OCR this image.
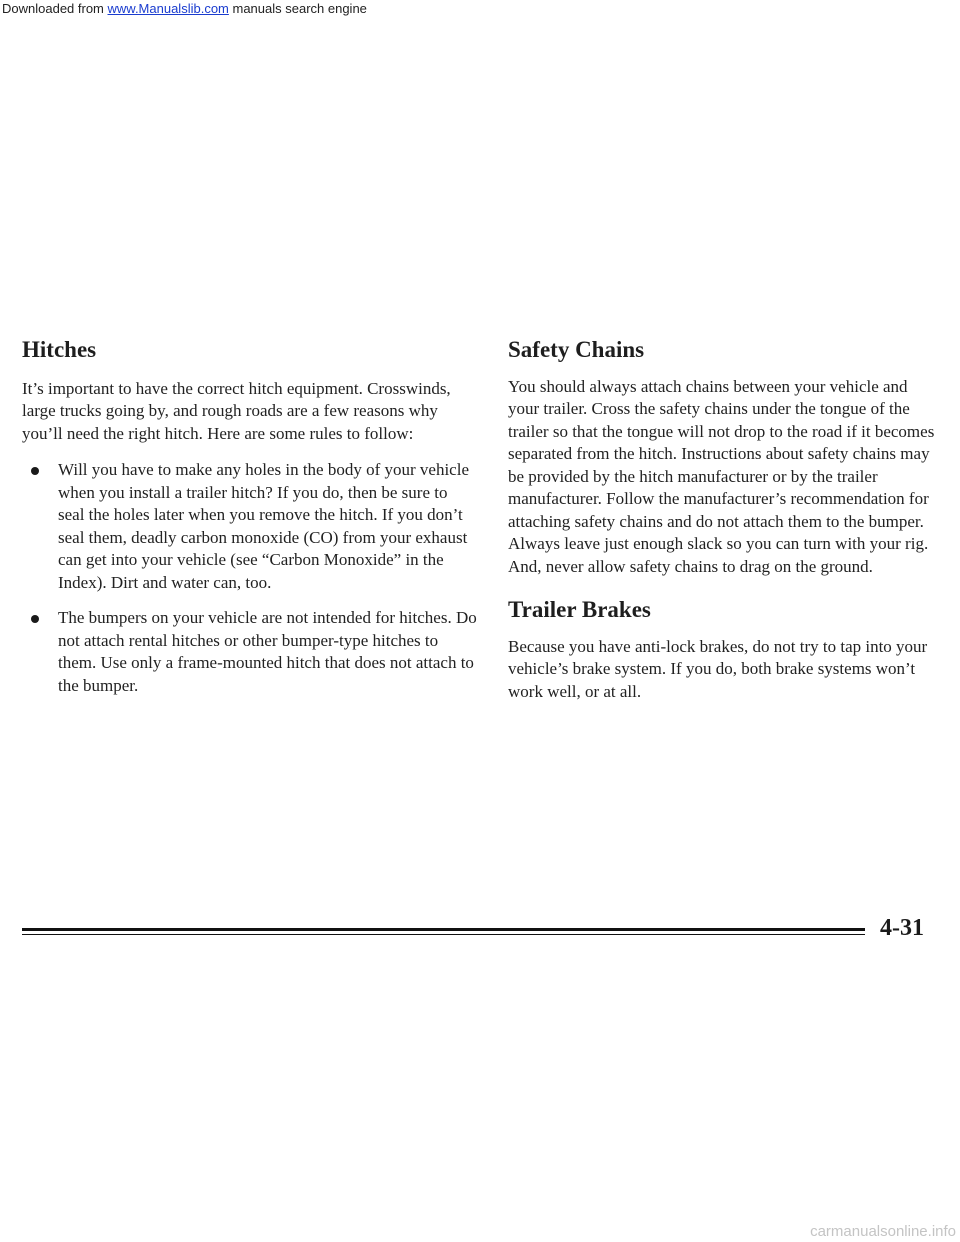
Downloaded from www.Manualslib.com manuals search engine
Hitches

It’s important to have the correct hitch equipment. Crosswinds, large trucks going by, and rough roads are a few reasons why you’ll need the right hitch. Here are some rules to follow:

Will you have to make any holes in the body of your vehicle when you install a trailer hitch? If you do, then be sure to seal the holes later when you remove the hitch. If you don’t seal them, deadly carbon monoxide (CO) from your exhaust can get into your vehicle (see “Carbon Monoxide” in the Index). Dirt and water can, too.
The bumpers on your vehicle are not intended for hitches. Do not attach rental hitches or other bumper-type hitches to them. Use only a frame-mounted hitch that does not attach to the bumper.
Safety Chains

You should always attach chains between your vehicle and your trailer. Cross the safety chains under the tongue of the trailer so that the tongue will not drop to the road if it becomes separated from the hitch. Instructions about safety chains may be provided by the hitch manufacturer or by the trailer manufacturer. Follow the manufacturer’s recommendation for attaching safety chains and do not attach them to the bumper. Always leave just enough slack so you can turn with your rig. And, never allow safety chains to drag on the ground.

Trailer Brakes

Because you have anti-lock brakes, do not try to tap into your vehicle’s brake system. If you do, both brake systems won’t work well, or at all.

4-31
carmanualsonline.info
